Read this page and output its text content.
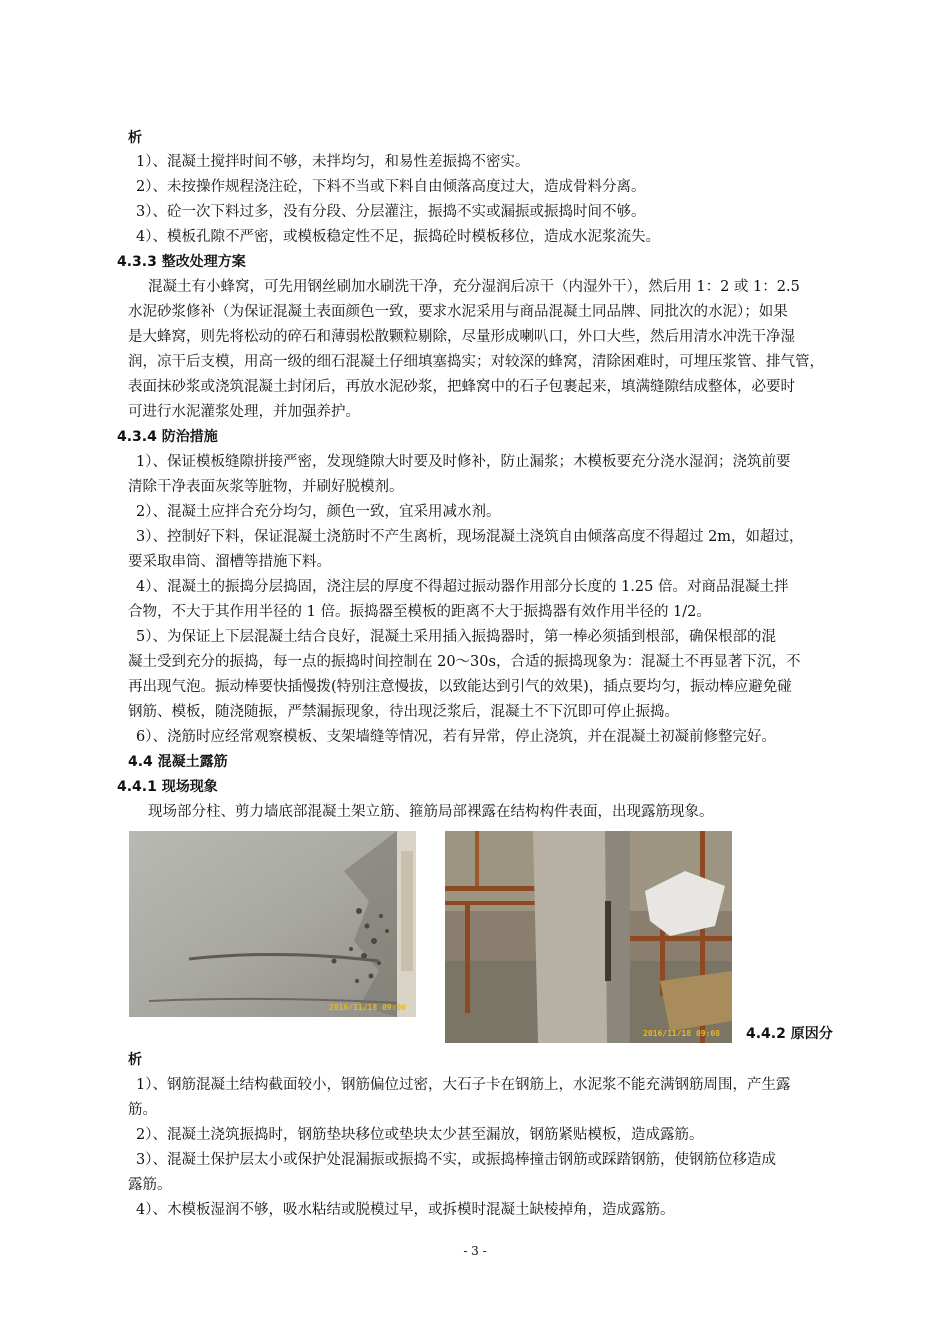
析
1）、混凝土搅拌时间不够，未拌均匀，和易性差振捣不密实。
2）、未按操作规程浇注砼，下料不当或下料自由倾落高度过大，造成骨料分离。
3）、砼一次下料过多，没有分段、分层灌注，振捣不实或漏振或振捣时间不够。
4）、模板孔隙不严密，或模板稳定性不足，振捣砼时模板移位，造成水泥浆流失。
4.3.3 整改处理方案
混凝土有小蜂窝，可先用钢丝刷加水刷洗干净，充分湿润后凉干（内湿外干），然后用 1：2 或 1：2.5
水泥砂浆修补（为保证混凝土表面颜色一致，要求水泥采用与商品混凝土同品牌、同批次的水泥）；如果
是大蜂窝，则先将松动的碎石和薄弱松散颗粒剔除，尽量形成喇叭口，外口大些，然后用清水冲洗干净湿
润，凉干后支模，用高一级的细石混凝土仔细填塞捣实；对较深的蜂窝，清除困难时，可埋压浆管、排气管，
表面抹砂浆或浇筑混凝土封闭后，再放水泥砂浆，把蜂窝中的石子包裹起来，填满缝隙结成整体，必要时
可进行水泥灌浆处理，并加强养护。
4.3.4 防治措施
1）、保证模板缝隙拼接严密，发现缝隙大时要及时修补，防止漏浆；木模板要充分浇水湿润；浇筑前要
清除干净表面灰浆等脏物，并刷好脱模剂。
2）、混凝土应拌合充分均匀，颜色一致，宜采用减水剂。
3）、控制好下料，保证混凝土浇筋时不产生离析，现场混凝土浇筑自由倾落高度不得超过 2m，如超过，
要采取串筒、溜槽等措施下料。
4）、混凝土的振捣分层捣固，浇注层的厚度不得超过振动器作用部分长度的 1.25 倍。对商品混凝土拌
合物，不大于其作用半径的 1 倍。振捣器至模板的距离不大于振捣器有效作用半径的 1/2。
5）、为保证上下层混凝土结合良好，混凝土采用插入振捣器时，第一棒必须插到根部，确保根部的混
凝土受到充分的振捣，每一点的振捣时间控制在 20～30s，合适的振捣现象为：混凝土不再显著下沉，不
再出现气泡。振动棒要快插慢拨(特别注意慢拔，以致能达到引气的效果)，插点要均匀，振动棒应避免碰
钢筋、模板，随浇随振，严禁漏振现象，待出现泛浆后，混凝土不下沉即可停止振捣。
6）、浇筋时应经常观察模板、支架墙缝等情况，若有异常，停止浇筑，并在混凝土初凝前修整完好。
4.4 混凝土露筋
4.4.1 现场现象
现场部分柱、剪力墙底部混凝土架立筋、箍筋局部裸露在结构构件表面，出现露筋现象。
2016/11/18 09:06
2016/11/18 09:08 4.4.2 原因分
析
1）、钢筋混凝土结构截面较小，钢筋偏位过密，大石子卡在钢筋上，水泥浆不能充满钢筋周围，产生露
筋。
2）、混凝土浇筑振捣时，钢筋垫块移位或垫块太少甚至漏放，钢筋紧贴模板，造成露筋。
3）、混凝土保护层太小或保护处混漏振或振捣不实，或振捣棒撞击钢筋或踩踏钢筋，使钢筋位移造成
露筋。
4）、木模板湿润不够，吸水粘结或脱模过早，或拆模时混凝土缺棱掉角，造成露筋。
- 3 -
